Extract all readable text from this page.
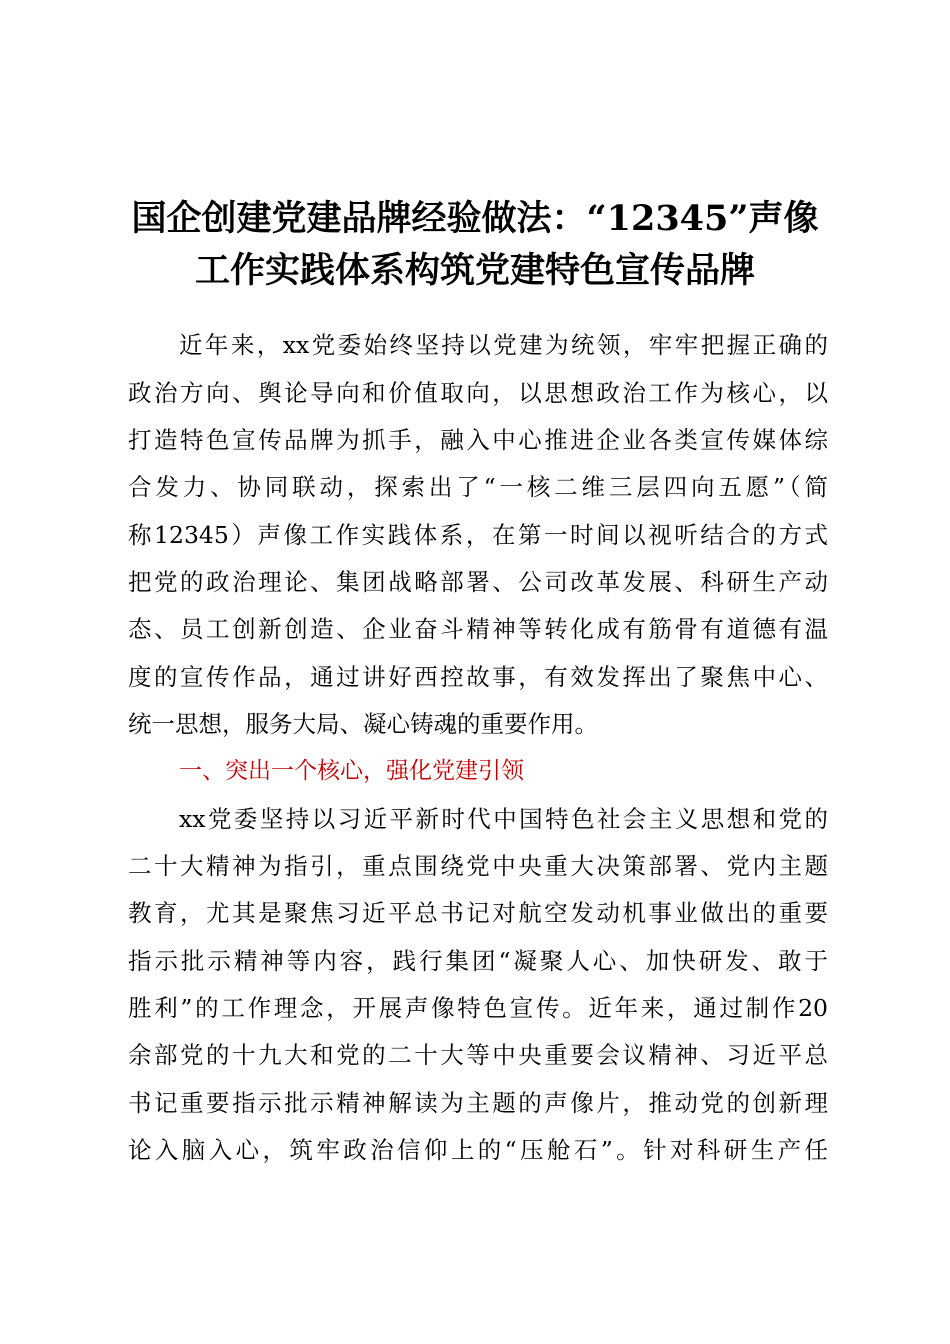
国企创建党建品牌经验做法：“12345”声像
工作实践体系构筑党建特色宣传品牌
近年来，xx党委始终坚持以党建为统领，牢牢把握正确的
政治方向、舆论导向和价值取向，以思想政治工作为核心，以
打造特色宣传品牌为抓手，融入中心推进企业各类宣传媒体综
合发力、协同联动，探索出了“一核二维三层四向五愿”（简
称12345）声像工作实践体系，在第一时间以视听结合的方式
把党的政治理论、集团战略部署、公司改革发展、科研生产动
态、员工创新创造、企业奋斗精神等转化成有筋骨有道德有温
度的宣传作品，通过讲好西控故事，有效发挥出了聚焦中心、
统一思想，服务大局、凝心铸魂的重要作用。
一、突出一个核心，强化党建引领
xx党委坚持以习近平新时代中国特色社会主义思想和党的
二十大精神为指引，重点围绕党中央重大决策部署、党内主题
教育，尤其是聚焦习近平总书记对航空发动机事业做出的重要
指示批示精神等内容，践行集团“凝聚人心、加快研发、敢于
胜利”的工作理念，开展声像特色宣传。近年来，通过制作20
余部党的十九大和党的二十大等中央重要会议精神、习近平总
书记重要指示批示精神解读为主题的声像片，推动党的创新理
论入脑入心，筑牢政治信仰上的“压舱石”。针对科研生产任
